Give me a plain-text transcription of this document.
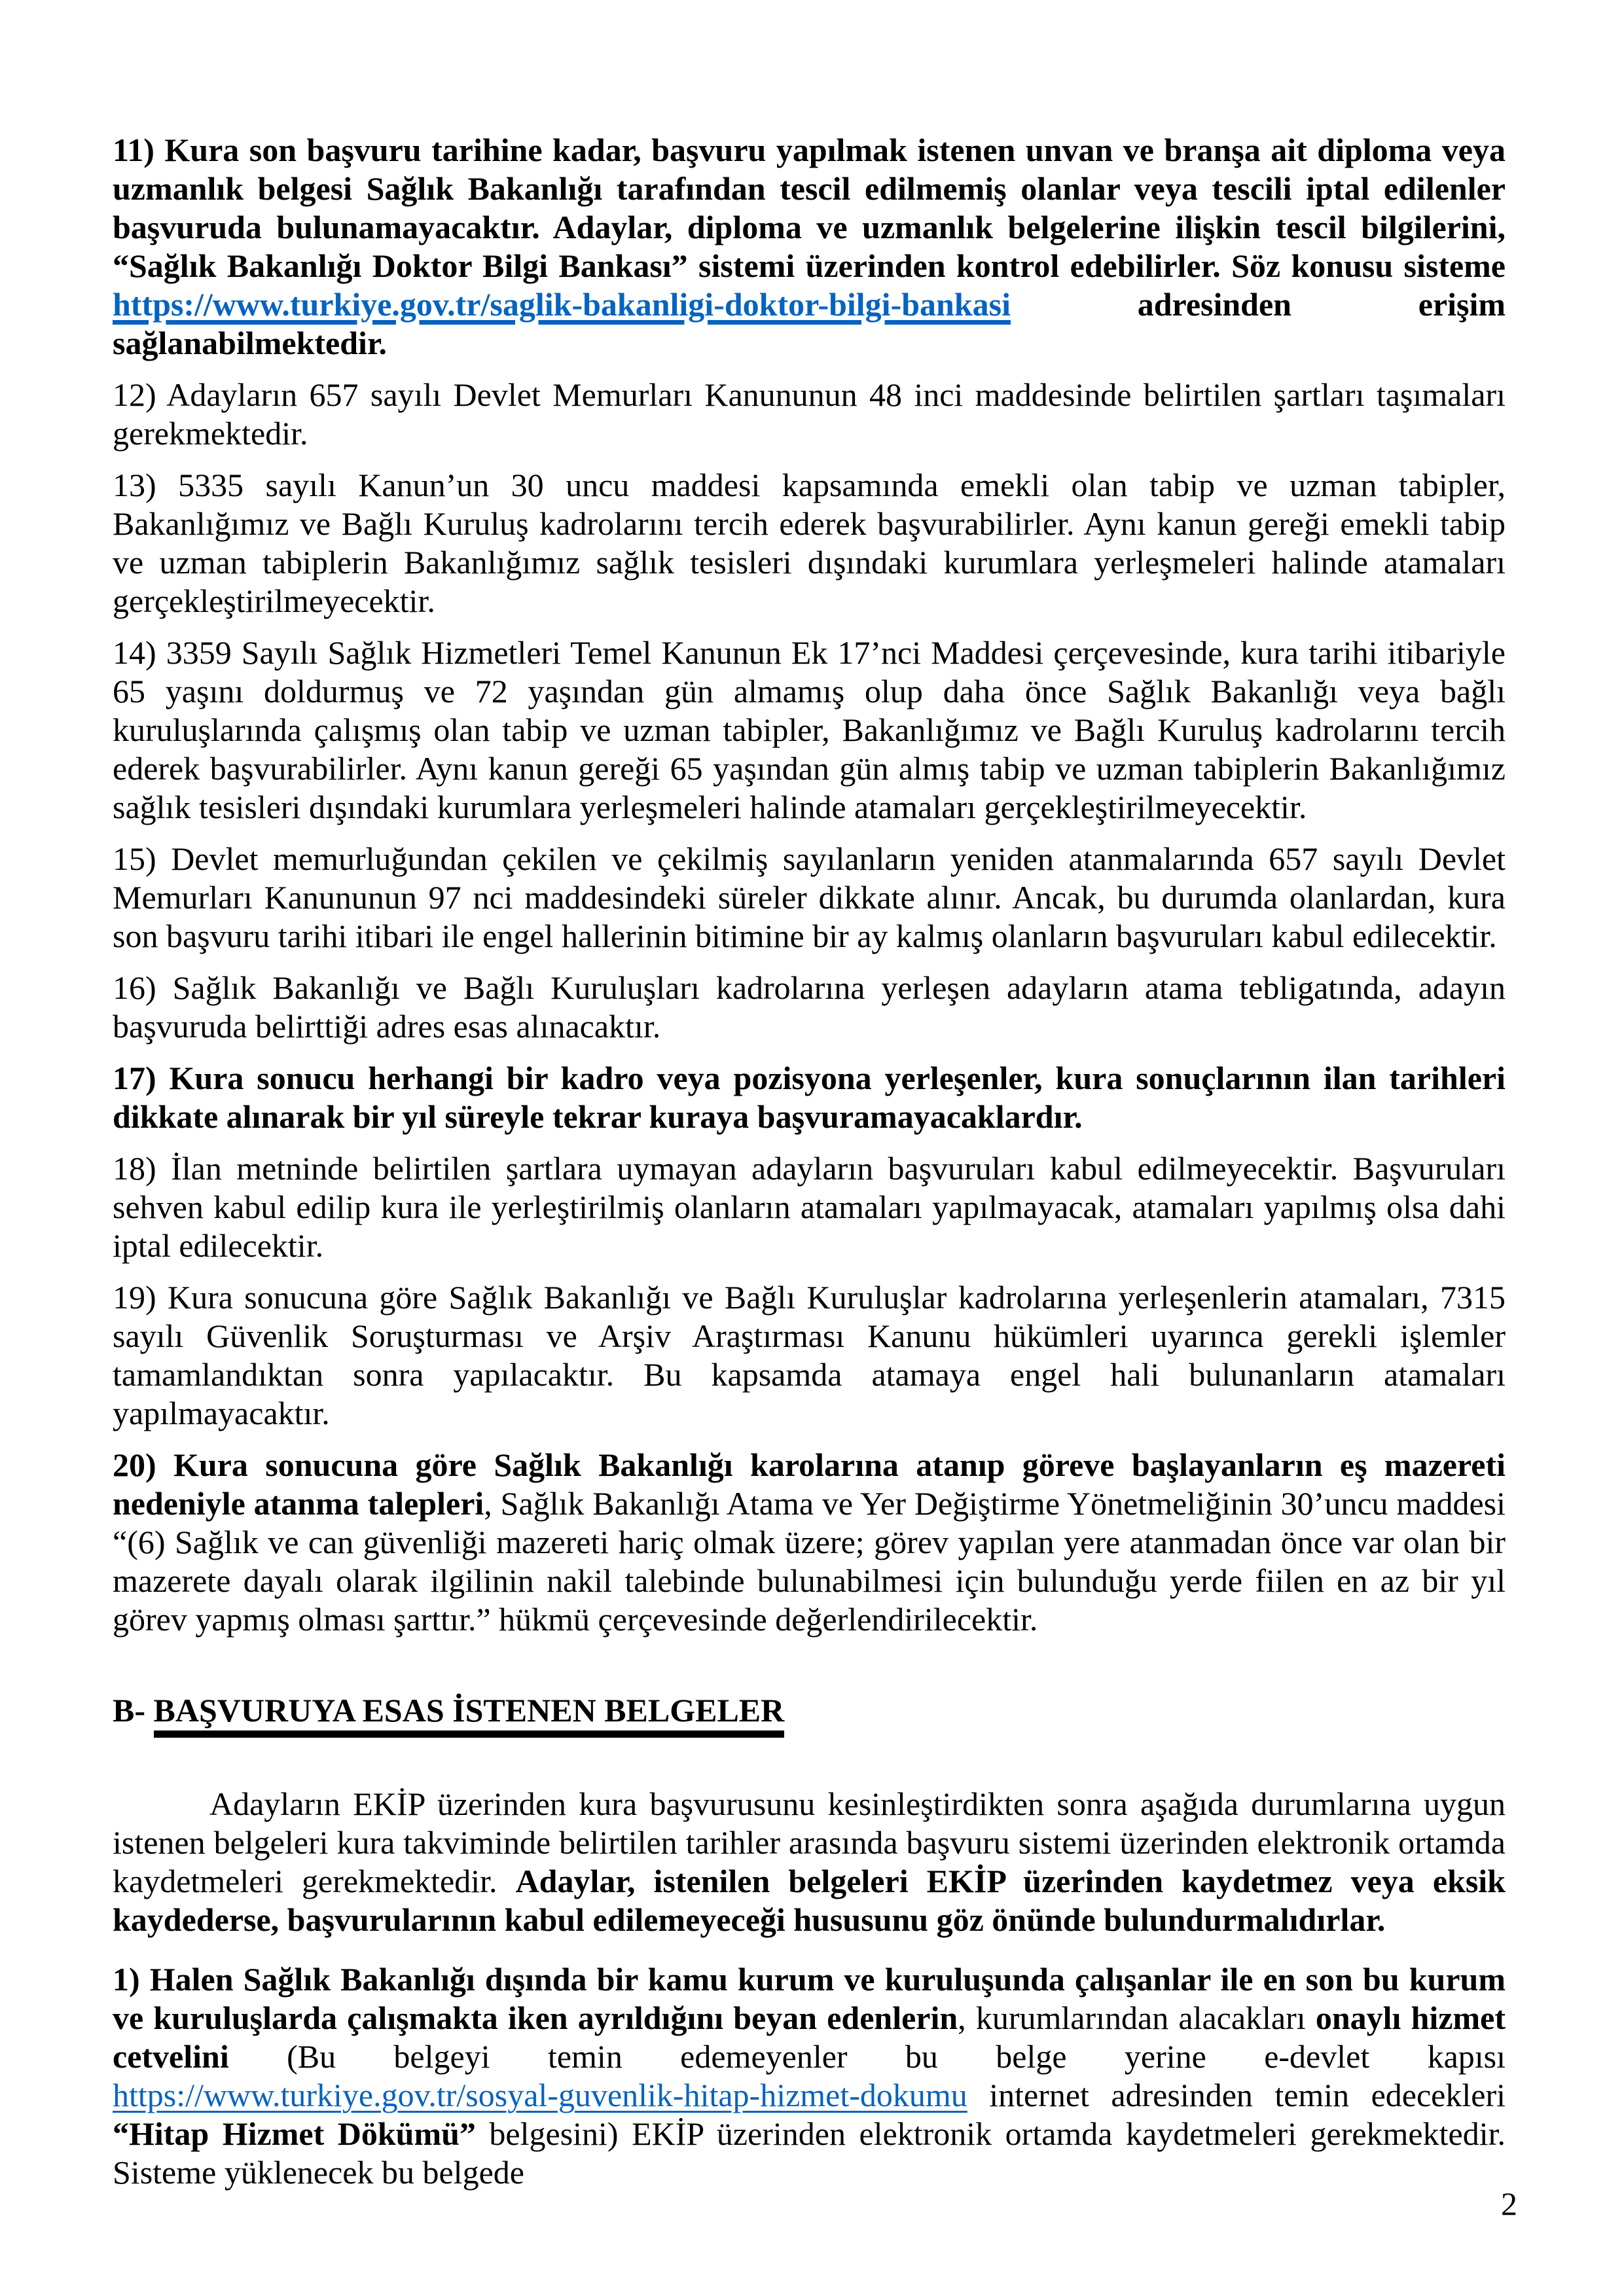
11) Kura son başvuru tarihine kadar, başvuru yapılmak istenen unvan ve branşa ait diploma veya uzmanlık belgesi Sağlık Bakanlığı tarafından tescil edilmemiş olanlar veya tescili iptal edilenler başvuruda bulunamayacaktır. Adaylar, diploma ve uzmanlık belgelerine ilişkin tescil bilgilerini, “Sağlık Bakanlığı Doktor Bilgi Bankası” sistemi üzerinden kontrol edebilirler. Söz konusu sisteme https://www.turkiye.gov.tr/saglik-bakanligi-doktor-bilgi-bankasi adresinden erişim sağlanabilmektedir.

12) Adayların 657 sayılı Devlet Memurları Kanununun 48 inci maddesinde belirtilen şartları taşımaları gerekmektedir.

13) 5335 sayılı Kanun’un 30 uncu maddesi kapsamında emekli olan tabip ve uzman tabipler, Bakanlığımız ve Bağlı Kuruluş kadrolarını tercih ederek başvurabilirler. Aynı kanun gereği emekli tabip ve uzman tabiplerin Bakanlığımız sağlık tesisleri dışındaki kurumlara yerleşmeleri halinde atamaları gerçekleştirilmeyecektir.

14) 3359 Sayılı Sağlık Hizmetleri Temel Kanunun Ek 17’nci Maddesi çerçevesinde, kura tarihi itibariyle 65 yaşını doldurmuş ve 72 yaşından gün almamış olup daha önce Sağlık Bakanlığı veya bağlı kuruluşlarında çalışmış olan tabip ve uzman tabipler, Bakanlığımız ve Bağlı Kuruluş kadrolarını tercih ederek başvurabilirler. Aynı kanun gereği 65 yaşından gün almış tabip ve uzman tabiplerin Bakanlığımız sağlık tesisleri dışındaki kurumlara yerleşmeleri halinde atamaları gerçekleştirilmeyecektir.

15) Devlet memurluğundan çekilen ve çekilmiş sayılanların yeniden atanmalarında 657 sayılı Devlet Memurları Kanununun 97 nci maddesindeki süreler dikkate alınır. Ancak, bu durumda olanlardan, kura son başvuru tarihi itibari ile engel hallerinin bitimine bir ay kalmış olanların başvuruları kabul edilecektir.

16) Sağlık Bakanlığı ve Bağlı Kuruluşları kadrolarına yerleşen adayların atama tebligatında, adayın başvuruda belirttiği adres esas alınacaktır.

17) Kura sonucu herhangi bir kadro veya pozisyona yerleşenler, kura sonuçlarının ilan tarihleri dikkate alınarak bir yıl süreyle tekrar kuraya başvuramayacaklardır.

18) İlan metninde belirtilen şartlara uymayan adayların başvuruları kabul edilmeyecektir. Başvuruları sehven kabul edilip kura ile yerleştirilmiş olanların atamaları yapılmayacak, atamaları yapılmış olsa dahi iptal edilecektir.

19) Kura sonucuna göre Sağlık Bakanlığı ve Bağlı Kuruluşlar kadrolarına yerleşenlerin atamaları, 7315 sayılı Güvenlik Soruşturması ve Arşiv Araştırması Kanunu hükümleri uyarınca gerekli işlemler tamamlandıktan sonra yapılacaktır. Bu kapsamda atamaya engel hali bulunanların atamaları yapılmayacaktır.

20) Kura sonucuna göre Sağlık Bakanlığı karolarına atanıp göreve başlayanların eş mazereti nedeniyle atanma talepleri, Sağlık Bakanlığı Atama ve Yer Değiştirme Yönetmeliğinin 30’uncu maddesi “(6) Sağlık ve can güvenliği mazereti hariç olmak üzere; görev yapılan yere atanmadan önce var olan bir mazerete dayalı olarak ilgilinin nakil talebinde bulunabilmesi için bulunduğu yerde fiilen en az bir yıl görev yapmış olması şarttır.” hükmü çerçevesinde değerlendirilecektir.

B- BAŞVURUYA ESAS İSTENEN BELGELER

Adayların EKİP üzerinden kura başvurusunu kesinleştirdikten sonra aşağıda durumlarına uygun istenen belgeleri kura takviminde belirtilen tarihler arasında başvuru sistemi üzerinden elektronik ortamda kaydetmeleri gerekmektedir. Adaylar, istenilen belgeleri EKİP üzerinden kaydetmez veya eksik kaydederse, başvurularının kabul edilemeyeceği hususunu göz önünde bulundurmalıdırlar.

1) Halen Sağlık Bakanlığı dışında bir kamu kurum ve kuruluşunda çalışanlar ile en son bu kurum ve kuruluşlarda çalışmakta iken ayrıldığını beyan edenlerin, kurumlarından alacakları onaylı hizmet cetvelini (Bu belgeyi temin edemeyenler bu belge yerine e-devlet kapısı https://www.turkiye.gov.tr/sosyal-guvenlik-hitap-hizmet-dokumu internet adresinden temin edecekleri “Hitap Hizmet Dökümü” belgesini) EKİP üzerinden elektronik ortamda kaydetmeleri gerekmektedir. Sisteme yüklenecek bu belgede

2
